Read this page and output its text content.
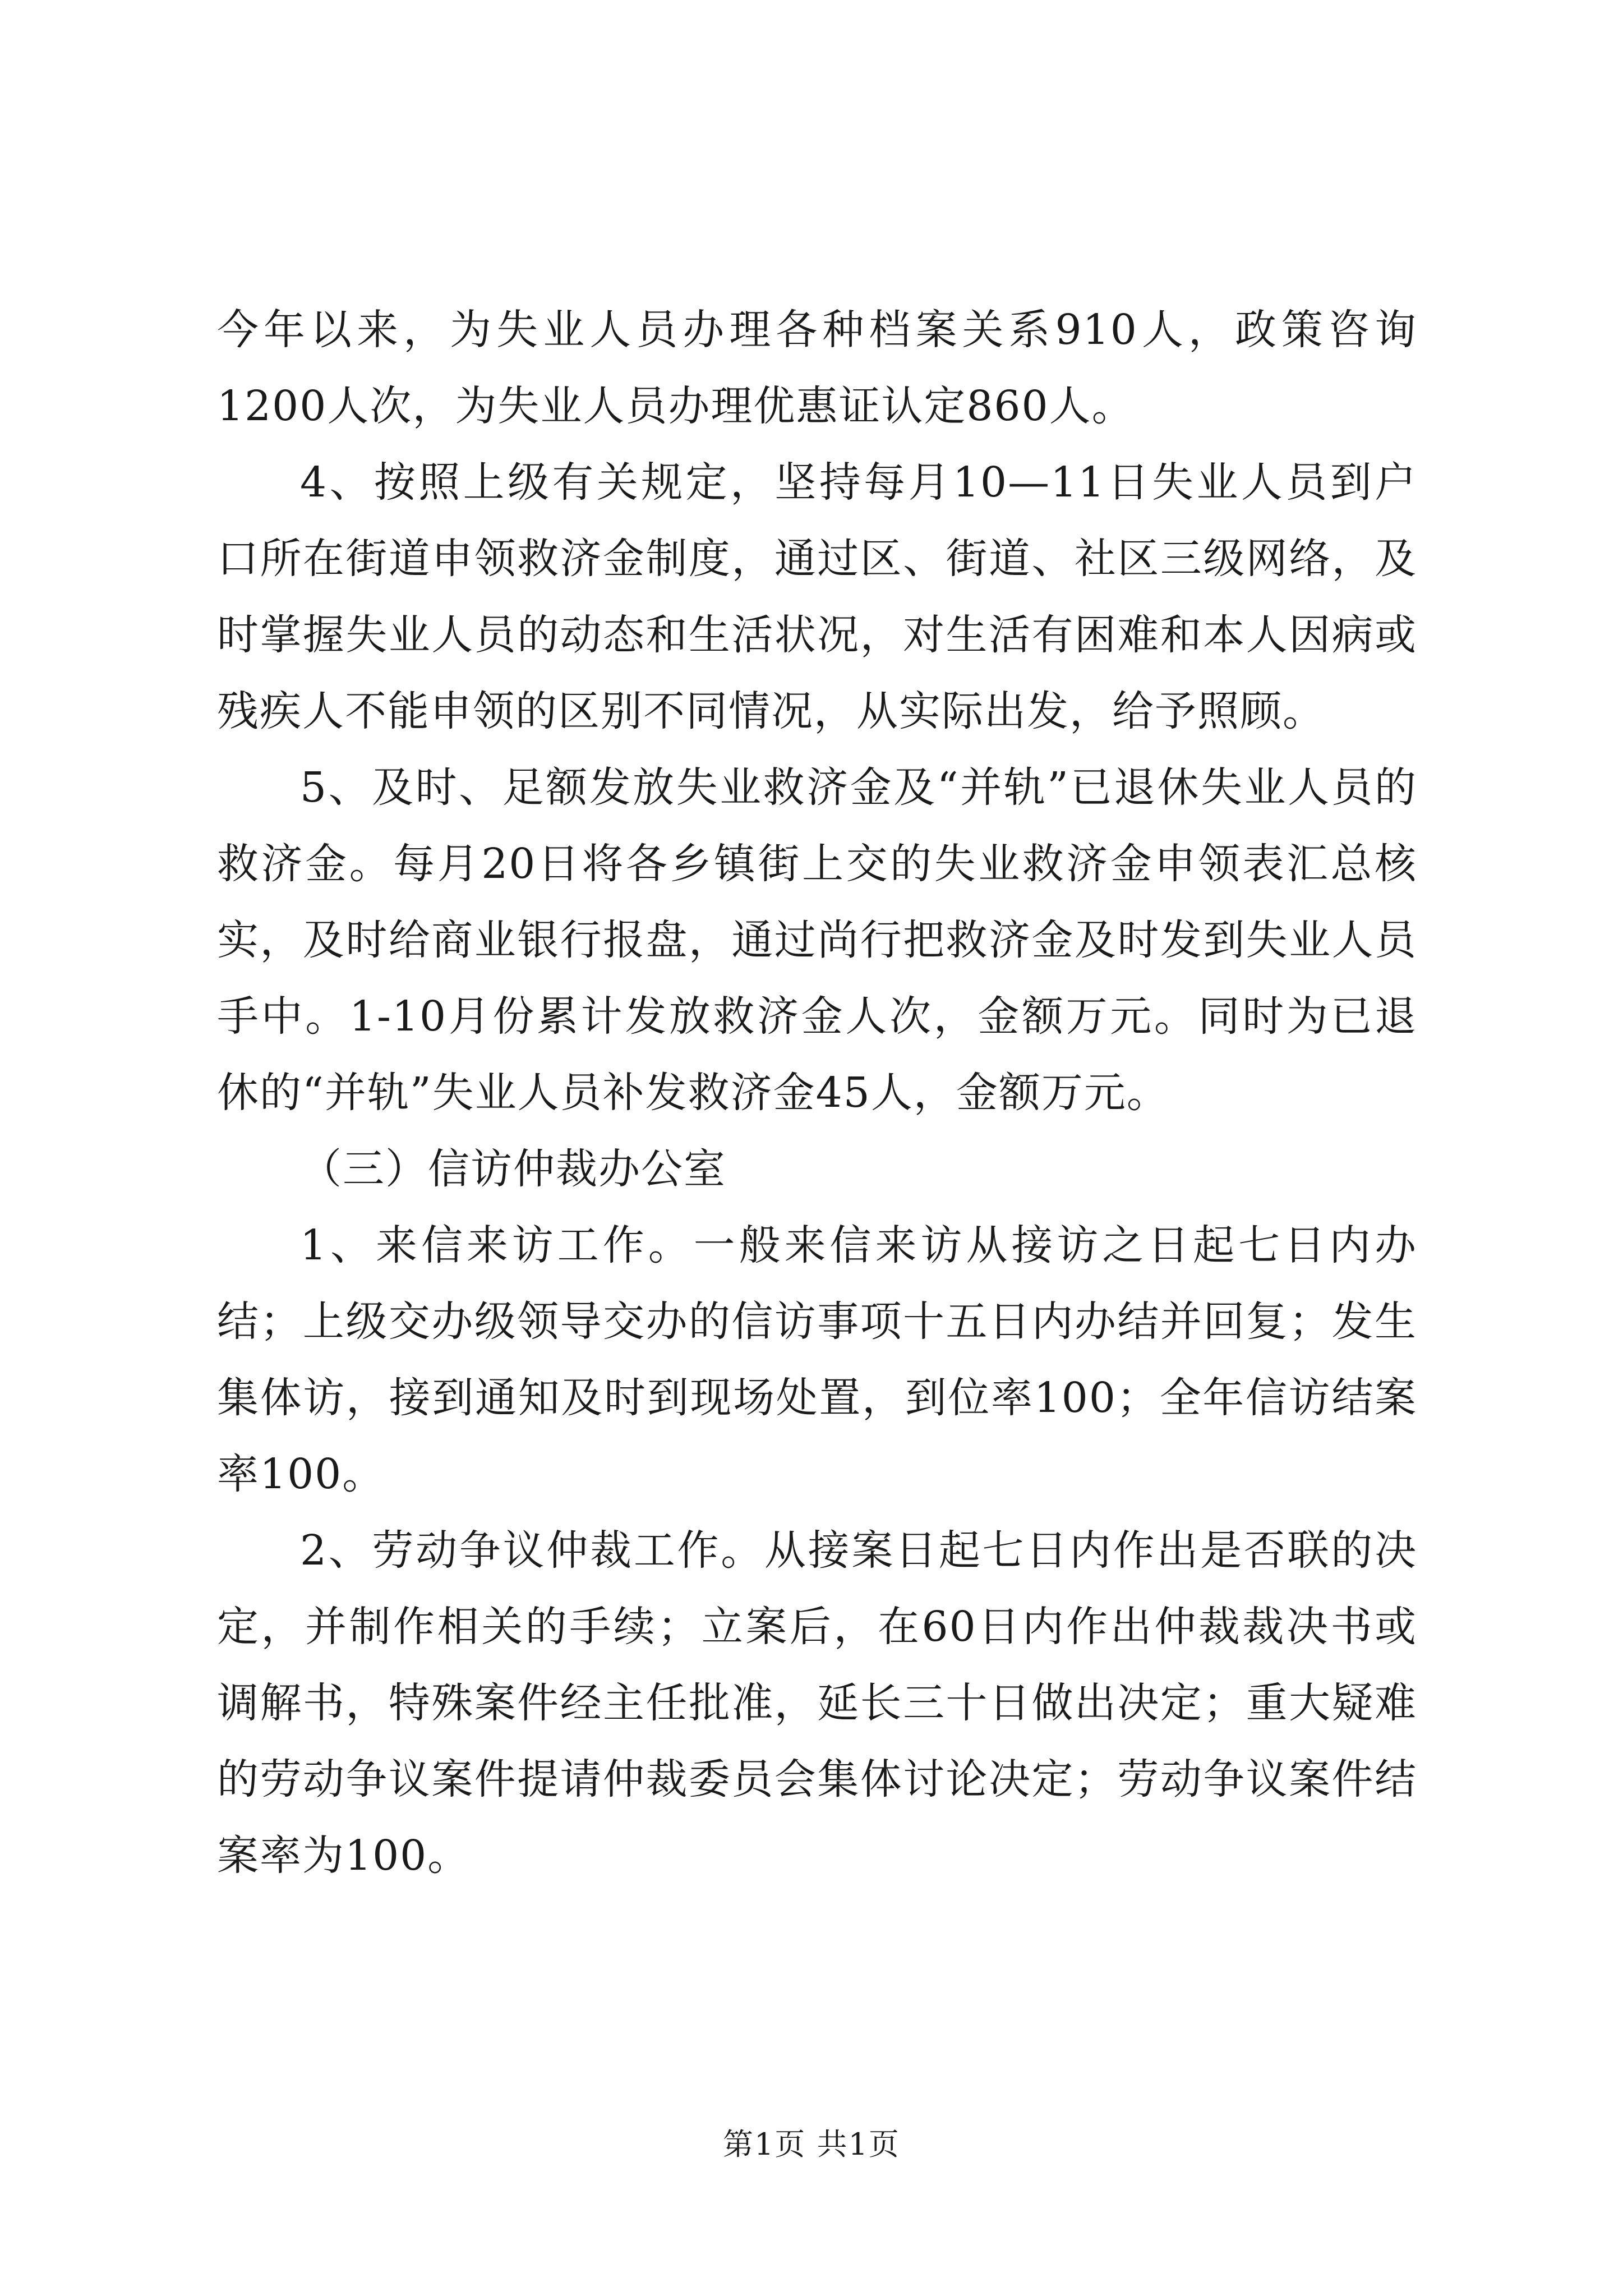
今年以来，为失业人员办理各种档案关系910人，政策咨询1200人次，为失业人员办理优惠证认定860人。

4、按照上级有关规定，坚持每月10—11日失业人员到户口所在街道申领救济金制度，通过区、街道、社区三级网络，及时掌握失业人员的动态和生活状况，对生活有困难和本人因病或残疾人不能申领的区别不同情况，从实际出发，给予照顾。

5、及时、足额发放失业救济金及“并轨”已退休失业人员的救济金。每月20日将各乡镇街上交的失业救济金申领表汇总核实，及时给商业银行报盘，通过尚行把救济金及时发到失业人员手中。1-10月份累计发放救济金人次，金额万元。同时为已退休的“并轨”失业人员补发救济金45人，金额万元。

（三）信访仲裁办公室

1、来信来访工作。一般来信来访从接访之日起七日内办结；上级交办级领导交办的信访事项十五日内办结并回复；发生集体访，接到通知及时到现场处置，到位率100；全年信访结案率100。

2、劳动争议仲裁工作。从接案日起七日内作出是否联的决定，并制作相关的手续；立案后，在60日内作出仲裁裁决书或调解书，特殊案件经主任批准，延长三十日做出决定；重大疑难的劳动争议案件提请仲裁委员会集体讨论决定；劳动争议案件结案率为100。

第1页 共1页
